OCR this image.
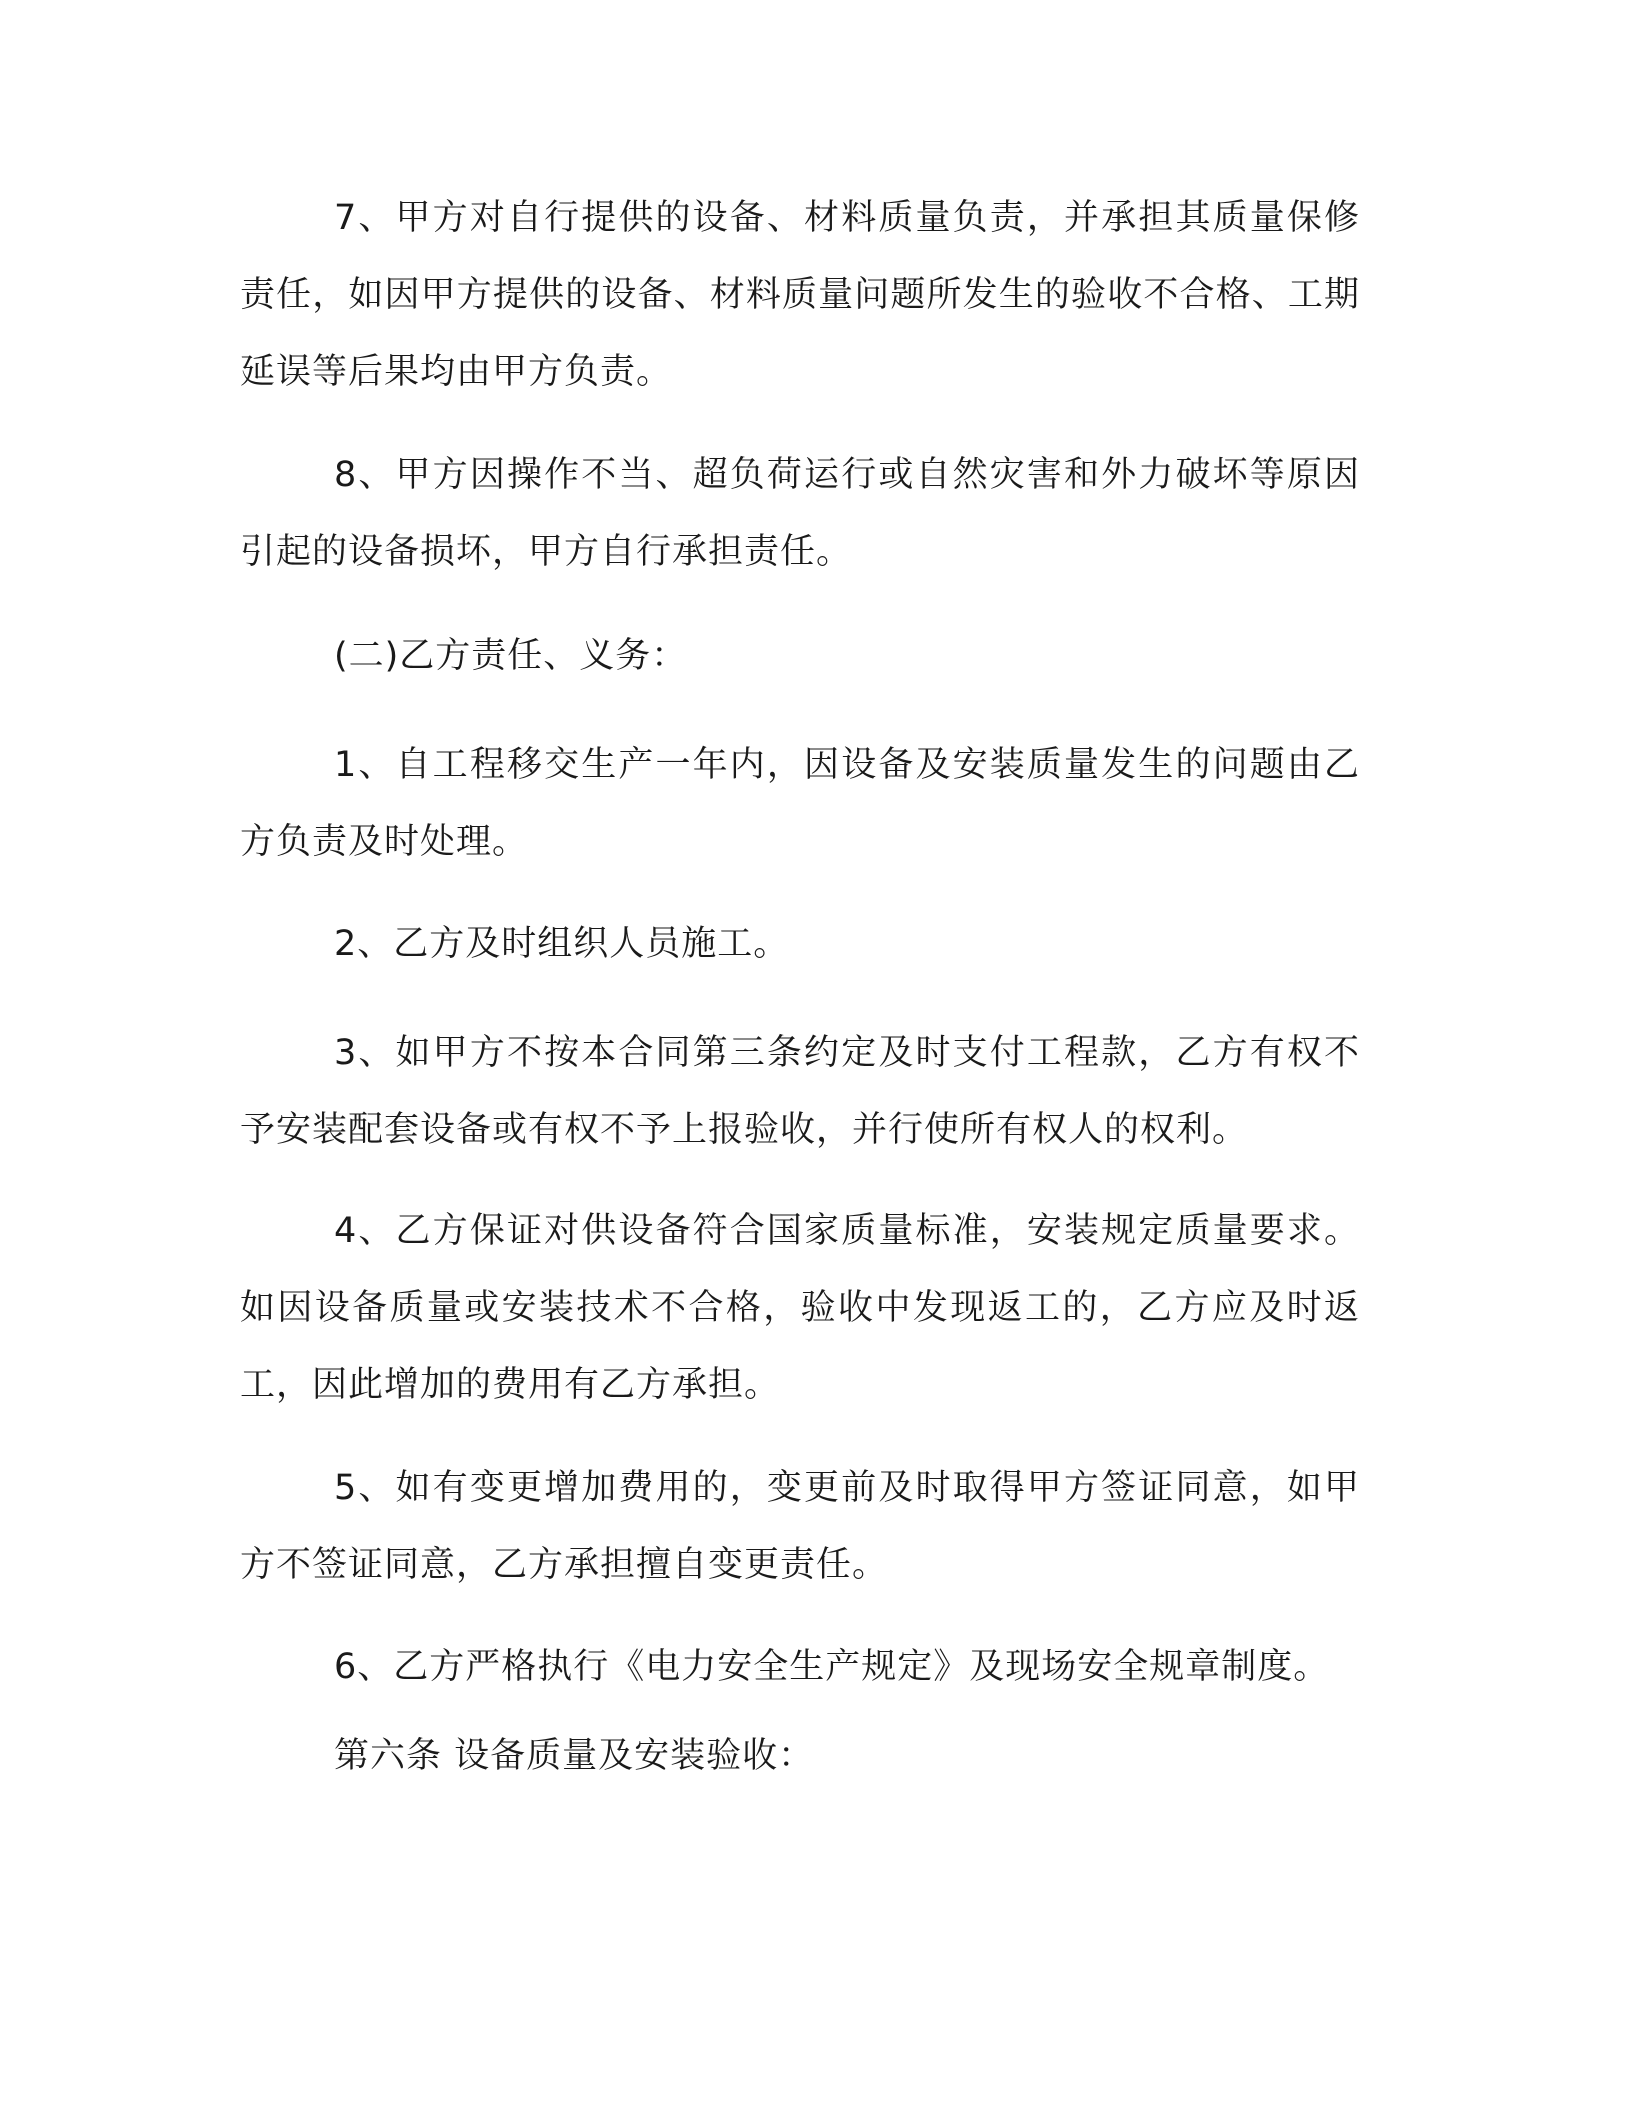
7、甲方对自行提供的设备、材料质量负责，并承担其质量保修责任，如因甲方提供的设备、材料质量问题所发生的验收不合格、工期延误等后果均由甲方负责。

8、甲方因操作不当、超负荷运行或自然灾害和外力破坏等原因引起的设备损坏，甲方自行承担责任。

(二)乙方责任、义务：

1、自工程移交生产一年内，因设备及安装质量发生的问题由乙方负责及时处理。

2、乙方及时组织人员施工。

3、如甲方不按本合同第三条约定及时支付工程款，乙方有权不予安装配套设备或有权不予上报验收，并行使所有权人的权利。

4、乙方保证对供设备符合国家质量标准，安装规定质量要求。如因设备质量或安装技术不合格，验收中发现返工的，乙方应及时返工，因此增加的费用有乙方承担。

5、如有变更增加费用的，变更前及时取得甲方签证同意，如甲方不签证同意，乙方承担擅自变更责任。

6、乙方严格执行《电力安全生产规定》及现场安全规章制度。

第六条 设备质量及安装验收：
